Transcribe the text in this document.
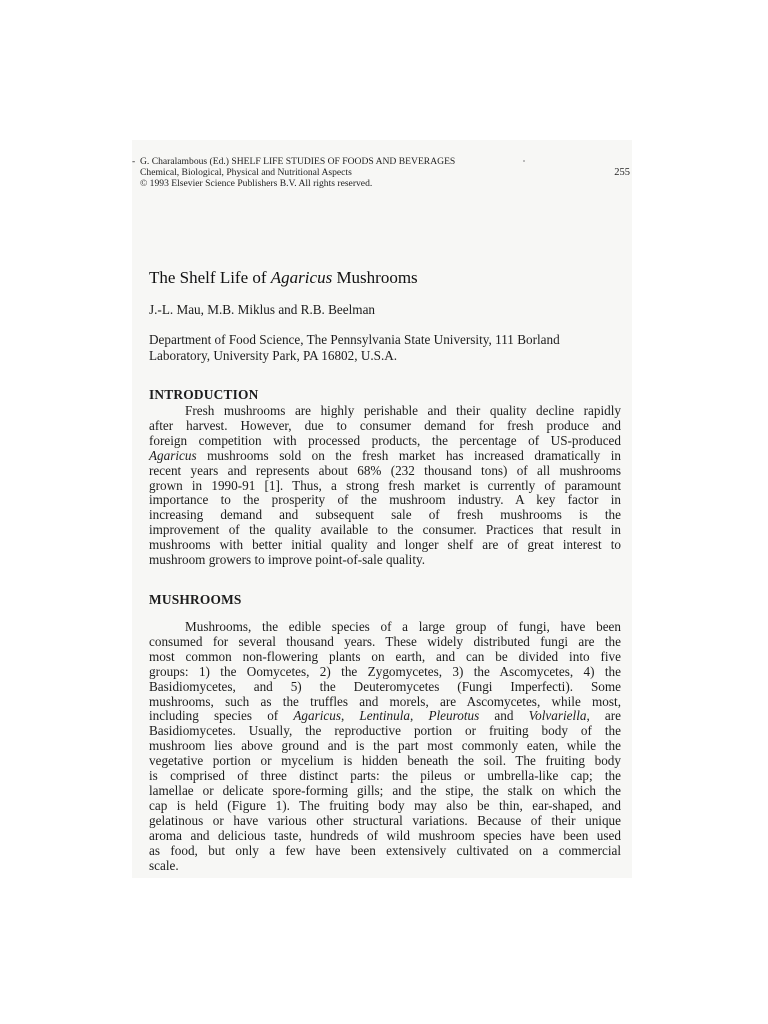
- G. Charalambous (Ed.) SHELF LIFE STUDIES OF FOODS AND BEVERAGES
Chemical, Biological, Physical and Nutritional Aspects
© 1993 Elsevier Science Publishers B.V. All rights reserved.
255
The Shelf Life of Agaricus Mushrooms
J.-L. Mau, M.B. Miklus and R.B. Beelman
Department of Food Science, The Pennsylvania State University, 111 Borland
Laboratory, University Park, PA 16802, U.S.A.
INTRODUCTION
Fresh mushrooms are highly perishable and their quality decline rapidly
after harvest. However, due to consumer demand for fresh produce and
foreign competition with processed products, the percentage of US-produced
Agaricus mushrooms sold on the fresh market has increased dramatically in
recent years and represents about 68% (232 thousand tons) of all mushrooms
grown in 1990-91 [1]. Thus, a strong fresh market is currently of paramount
importance to the prosperity of the mushroom industry. A key factor in
increasing demand and subsequent sale of fresh mushrooms is the
improvement of the quality available to the consumer. Practices that result in
mushrooms with better initial quality and longer shelf are of great interest to
mushroom growers to improve point-of-sale quality.
MUSHROOMS
Mushrooms, the edible species of a large group of fungi, have been
consumed for several thousand years. These widely distributed fungi are the
most common non-flowering plants on earth, and can be divided into five
groups: 1) the Oomycetes, 2) the Zygomycetes, 3) the Ascomycetes, 4) the
Basidiomycetes, and 5) the Deuteromycetes (Fungi Imperfecti). Some
mushrooms, such as the truffles and morels, are Ascomycetes, while most,
including species of Agaricus, Lentinula, Pleurotus and Volvariella, are
Basidiomycetes. Usually, the reproductive portion or fruiting body of the
mushroom lies above ground and is the part most commonly eaten, while the
vegetative portion or mycelium is hidden beneath the soil. The fruiting body
is comprised of three distinct parts: the pileus or umbrella-like cap; the
lamellae or delicate spore-forming gills; and the stipe, the stalk on which the
cap is held (Figure 1). The fruiting body may also be thin, ear-shaped, and
gelatinous or have various other structural variations. Because of their unique
aroma and delicious taste, hundreds of wild mushroom species have been used
as food, but only a few have been extensively cultivated on a commercial
scale.
